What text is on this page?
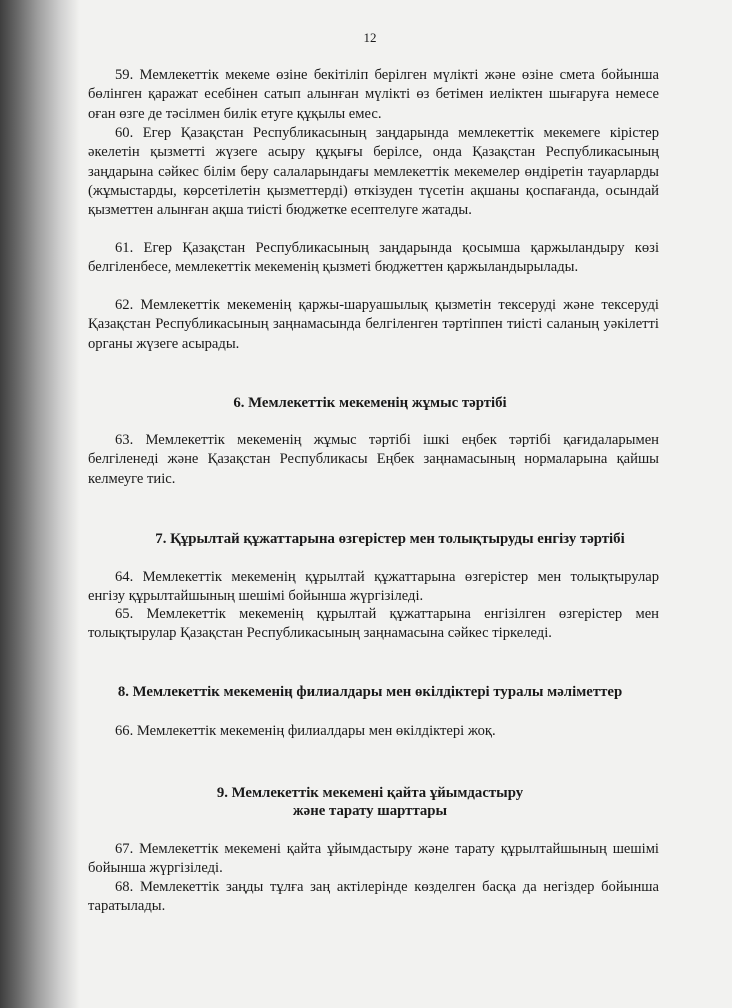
12

59. Мемлекеттік мекеме өзіне бекітіліп берілген мүлікті және өзіне смета бойынша бөлінген қаражат есебінен сатып алынған мүлікті өз бетімен иеліктен шығаруға немесе оған өзге де тәсілмен билік етуге құқылы емес.

60. Егер Қазақстан Республикасының заңдарында мемлекеттік мекемеге кірістер әкелетін қызметті жүзеге асыру құқығы берілсе, онда Қазақстан Республикасының заңдарына сәйкес білім беру салаларындағы мемлекеттік мекемелер өндіретін тауарларды (жұмыстарды, көрсетілетін қызметтерді) өткізуден түсетін ақшаны қоспағанда, осындай қызметтен алынған ақша тиісті бюджетке есептелуге жатады.

61. Егер Қазақстан Республикасының заңдарында қосымша қаржыландыру көзі белгіленбесе, мемлекеттік мекеменің қызметі бюджеттен қаржыландырылады.

62. Мемлекеттік мекеменің қаржы-шаруашылық қызметін тексеруді және тексеруді Қазақстан Республикасының заңнамасында белгіленген тәртіппен тиісті саланың уәкілетті органы жүзеге асырады.

6. Мемлекеттік мекеменің жұмыс тәртібі

63. Мемлекеттік мекеменің жұмыс тәртібі ішкі еңбек тәртібі қағидаларымен белгіленеді және Қазақстан Республикасы Еңбек заңнамасының нормаларына қайшы келмеуге тиіс.

7. Құрылтай құжаттарына өзгерістер мен толықтыруды енгізу тәртібі

64. Мемлекеттік мекеменің құрылтай құжаттарына өзгерістер мен толықтырулар енгізу құрылтайшының шешімі бойынша жүргізіледі.

65. Мемлекеттік мекеменің құрылтай құжаттарына енгізілген өзгерістер мен толықтырулар Қазақстан Республикасының заңнамасына сәйкес тіркеледі.

8. Мемлекеттік мекеменің филиалдары мен өкілдіктері туралы мәліметтер

66. Мемлекеттік мекеменің филиалдары мен өкілдіктері жоқ.

9. Мемлекеттік мекемені қайта ұйымдастыру
және тарату шарттары

67. Мемлекеттік мекемені қайта ұйымдастыру және тарату құрылтайшының шешімі бойынша жүргізіледі.

68. Мемлекеттік заңды тұлға заң актілерінде көзделген басқа да негіздер бойынша таратылады.
